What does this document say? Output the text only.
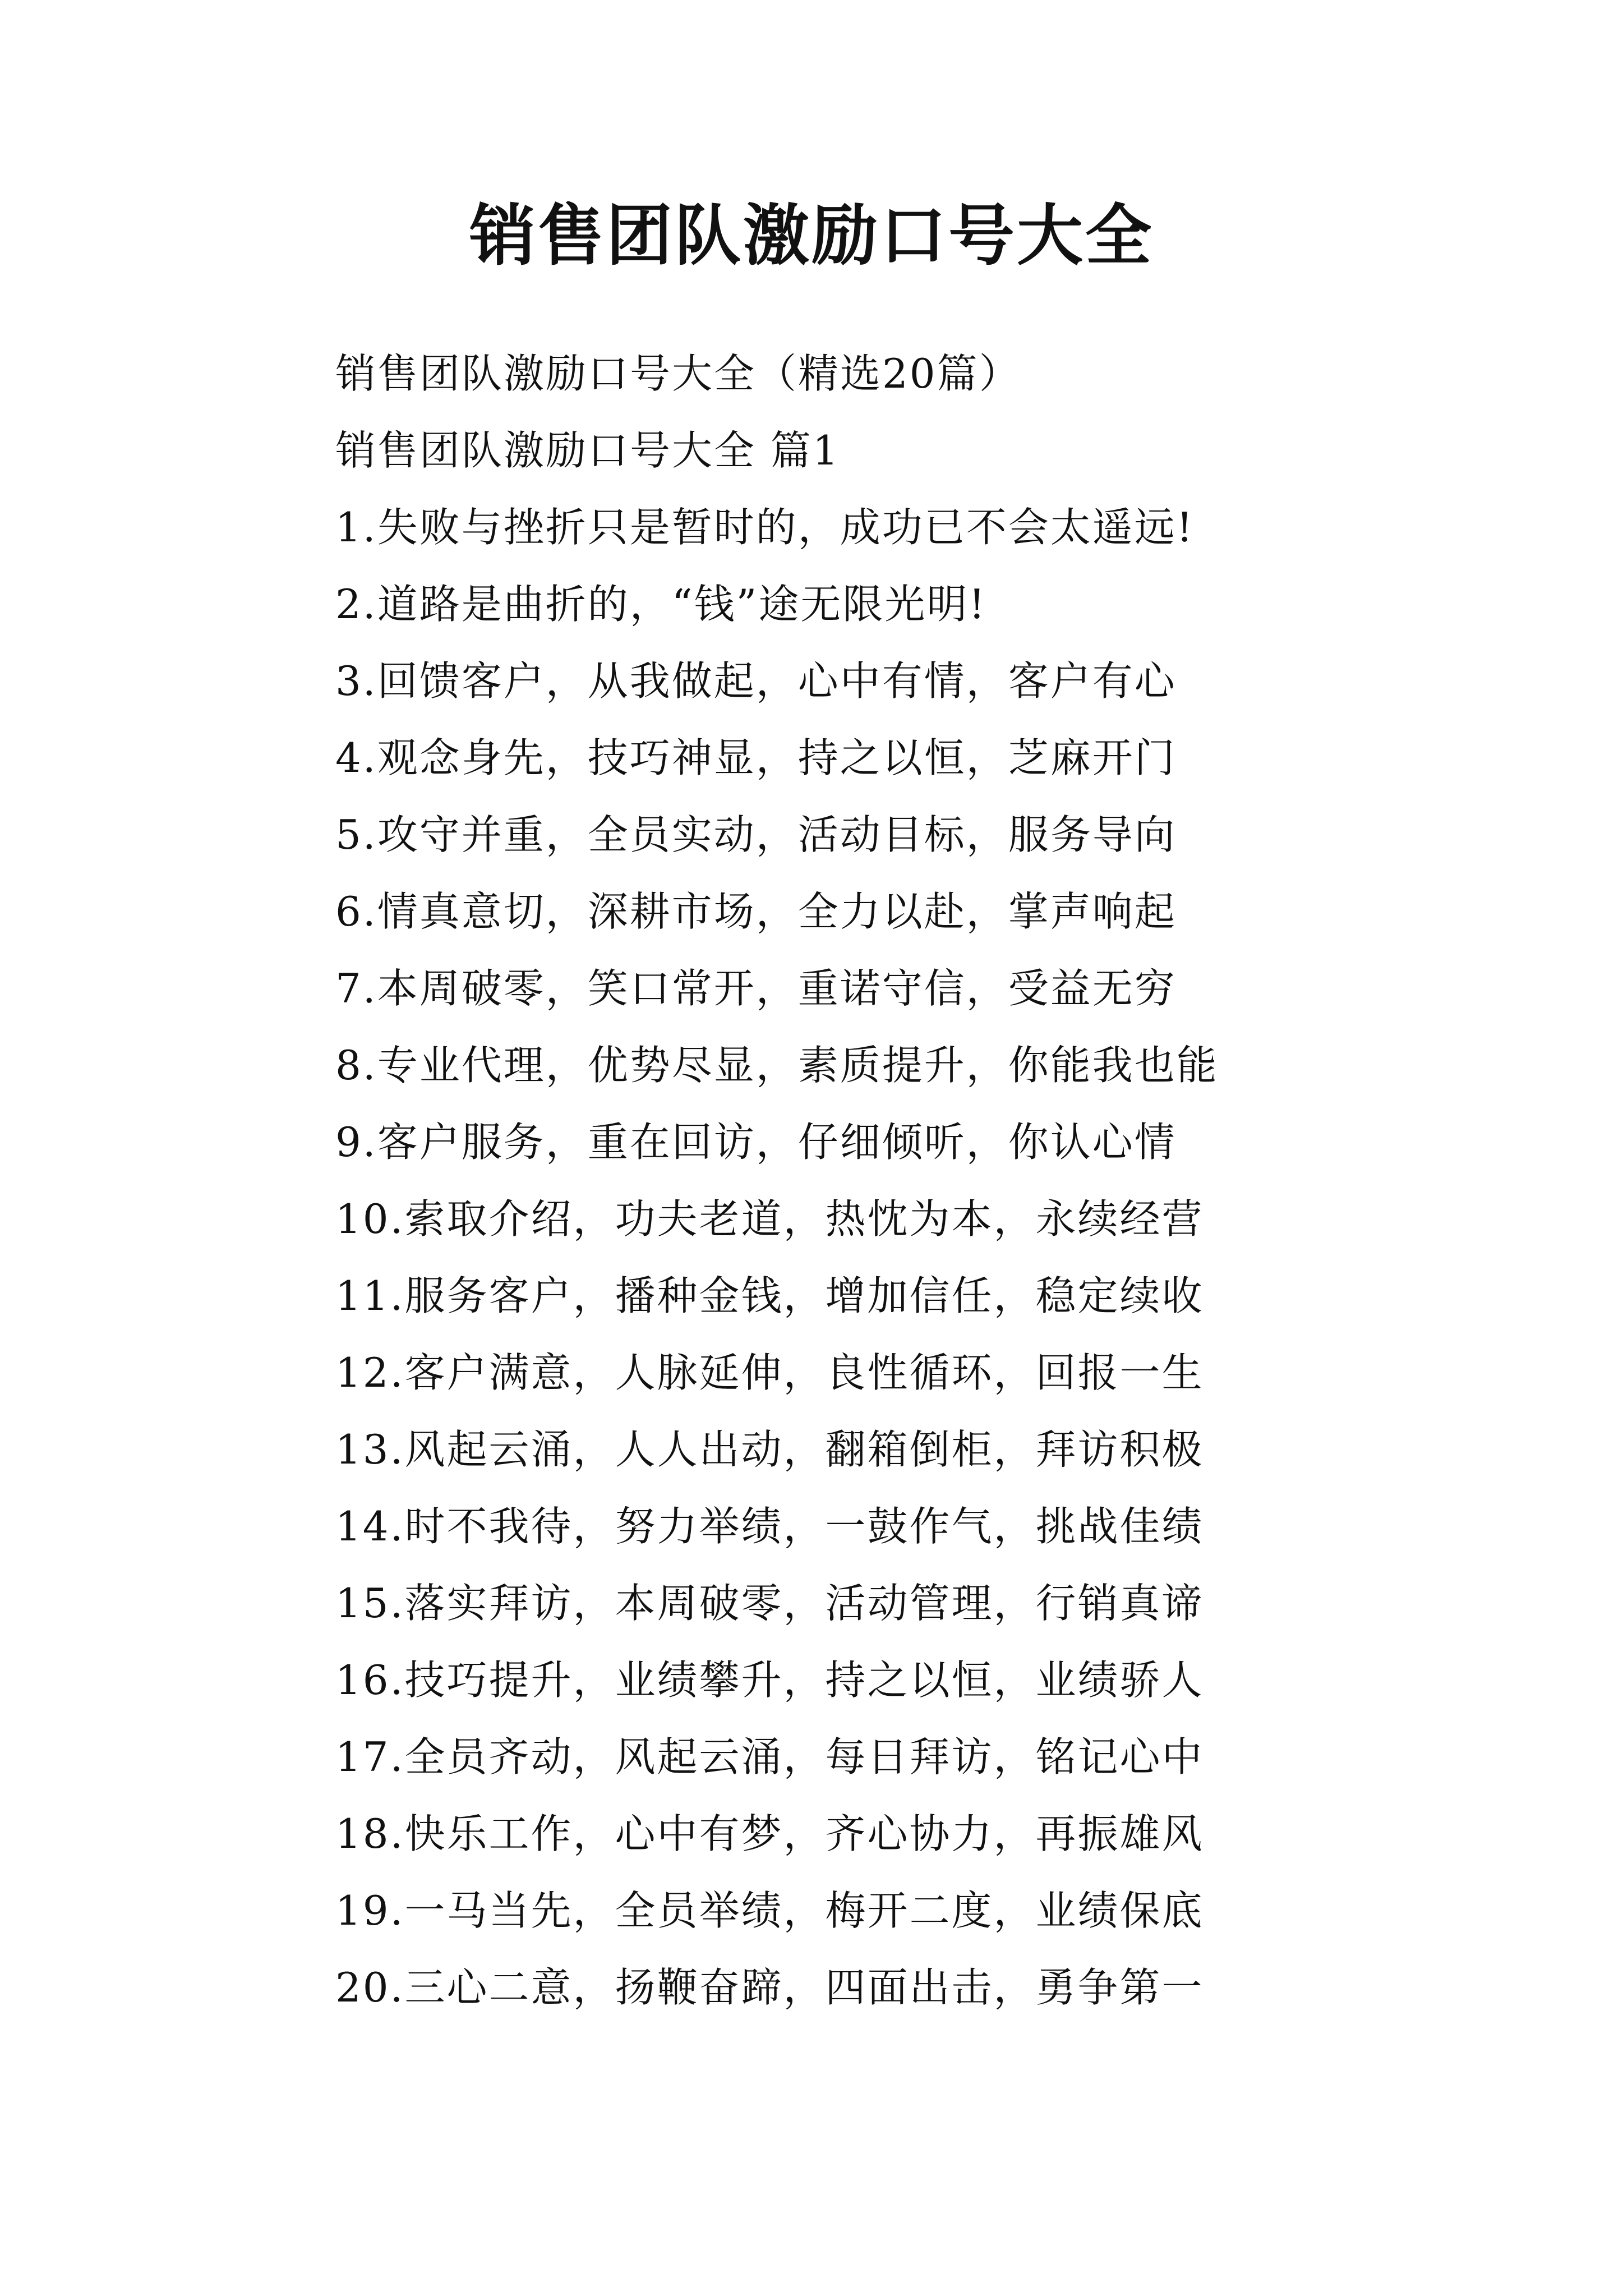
销售团队激励口号大全
销售团队激励口号大全（精选20篇）
销售团队激励口号大全 篇1
1.失败与挫折只是暂时的，成功已不会太遥远!
2.道路是曲折的，“钱”途无限光明!
3.回馈客户，从我做起，心中有情，客户有心
4.观念身先，技巧神显，持之以恒，芝麻开门
5.攻守并重，全员实动，活动目标，服务导向
6.情真意切，深耕市场，全力以赴，掌声响起
7.本周破零，笑口常开，重诺守信，受益无穷
8.专业代理，优势尽显，素质提升，你能我也能
9.客户服务，重在回访，仔细倾听，你认心情
10.索取介绍，功夫老道，热忱为本，永续经营
11.服务客户，播种金钱，增加信任，稳定续收
12.客户满意，人脉延伸，良性循环，回报一生
13.风起云涌，人人出动，翻箱倒柜，拜访积极
14.时不我待，努力举绩，一鼓作气，挑战佳绩
15.落实拜访，本周破零，活动管理，行销真谛
16.技巧提升，业绩攀升，持之以恒，业绩骄人
17.全员齐动，风起云涌，每日拜访，铭记心中
18.快乐工作，心中有梦，齐心协力，再振雄风
19.一马当先，全员举绩，梅开二度，业绩保底
20.三心二意，扬鞭奋蹄，四面出击，勇争第一
